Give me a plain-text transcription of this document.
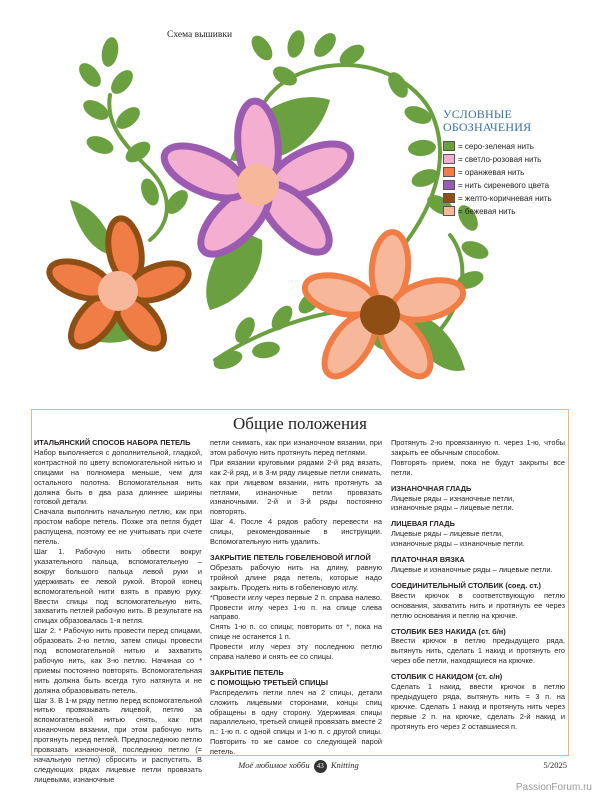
Схема вышивки
УСЛОВНЫЕ
ОБОЗНАЧЕНИЯ
= серо-зеленая нить
= светло-розовая нить
= оранжевая нить
= нить сиреневого цвета
= желто-коричневая нить
= бежевая нить
Общие положения

ИТАЛЬЯНСКИЙ СПОСОБ НАБОРА ПЕТЕЛЬ

Набор выполняется с дополнительной, гладкой, контрастной по цвету вспомогательной нитью и спицами на полномера меньше, чем для остального полотна. Вспомогательная нить должна быть в два раза длиннее ширины готовой детали.

Сначала выполнить начальную петлю, как при простом наборе петель. Позже эта петля будет распущена, поэтому ее не учитывать при счете петель.

Шаг 1. Рабочую нить обвести вокруг указательного пальца, вспомогательную – вокруг большого пальца левой руки и удерживать ее левой рукой. Второй конец вспомогательной нити взять в правую руку. Ввести спицы под вспомогательную нить, захватить петлей рабочую нить. В результате на спицах образовалась 1-я петля.

Шаг 2. * Рабочую нить провести перед спицами, образовать 2-ю петлю, затем спицы провести под вспомогательной нитью и захватить рабочую нить, как 3-ю петлю. Начиная со * приемы постоянно повторять. Вспомогательная нить должна быть всегда туго натянута и не должна образовывать петель.

Шаг 3. В 1-м ряду петлю перед вспомогательной нитью провязывать лицевой, петлю за вспомогательной нитью снять, как при изнаночном вязании, при этом рабочую нить протянуть перед петлей. Предпоследнюю петлю провязать изнаночной, последнюю петлю (= начальную петлю) сбросить и распустить. В следующих рядах лицевые петли провязать лицевыми, изнаночные

петли снимать, как при изнаночном вязании, при этом рабочую нить протянуть перед петлями.

При вязании круговыми рядами 2-й ряд вязать, как 2-й ряд, и в 3-м ряду лицевые петли снимать, как при лицевом вязании, нить протянуть за петлями, изнаночные петли провязать изнаночными. 2-й и 3-й ряды постоянно повторять.

Шаг 4. После 4 рядов работу перевести на спицы, рекомендованные в инструкции. Вспомогательную нить удалить.

ЗАКРЫТИЕ ПЕТЕЛЬ ГОБЕЛЕНОВОЙ ИГЛОЙ

Обрезать рабочую нить на длину, равную тройной длине ряда петель, которые надо закрыть. Продеть нить в гобеленовую иглу.

*Провести иглу через первые 2 п. справа налево. Провести иглу через 1-ю п. на спице слева направо.

Снять 1-ю п. со спицы; повторить от *, пока на спице не останется 1 п.

Провести иглу через эту последнюю петлю справа налево и снять ее со спицы.

ЗАКРЫТИЕ ПЕТЕЛЬ

С ПОМОЩЬЮ ТРЕТЬЕЙ СПИЦЫ

Распределить петли плеч на 2 спицы, детали сложить лицевыми сторонами, концы спиц обращены в одну сторону. Удерживая спицы параллельно, третьей спицей провязать вместе 2 п.: 1-ю п. с одной спицы и 1-ю п. с другой спицы. Повторить то же самое со следующей парой петель.

Протянуть 2-ю провязанную п. через 1-ю, чтобы закрыть ее обычным способом.

Повторять прием, пока не будут закрыты все петли.

ИЗНАНОЧНАЯ ГЛАДЬ

Лицевые ряды – изнаночные петли,

изнаночные ряды – лицевые петли.

ЛИЦЕВАЯ ГЛАДЬ

Лицевые ряды – лицевые петли,

изнаночные ряды – изнаночные петли.

ПЛАТОЧНАЯ ВЯЗКА

Лицевые и изнаночные ряды – лицевые петли.

СОЕДИНИТЕЛЬНЫЙ СТОЛБИК (соед. ст.)

Ввести крючок в соответствующую петлю основания, захватить нить и протянуть ее через петлю основания и петлю на крючке.

СТОЛБИК БЕЗ НАКИДА (ст. б/н)

Ввести крючок в петлю предыдущего ряда, вытянуть нить, сделать 1 накид и протянуть его через обе петли, находящиеся на крючке.

СТОЛБИК С НАКИДОМ (ст. с/н)

Сделать 1 накид, ввести крючок в петлю предыдущего ряда, вытянуть нить = 3 п. на крючке. Сделать 1 накид и протянуть нить через первые 2 п. на крючке, сделать 2-й накид и протянуть его через 2 оставшиеся п.

Моё любимое хобби 43 Knitting	5/2025
PassionForum.ru
